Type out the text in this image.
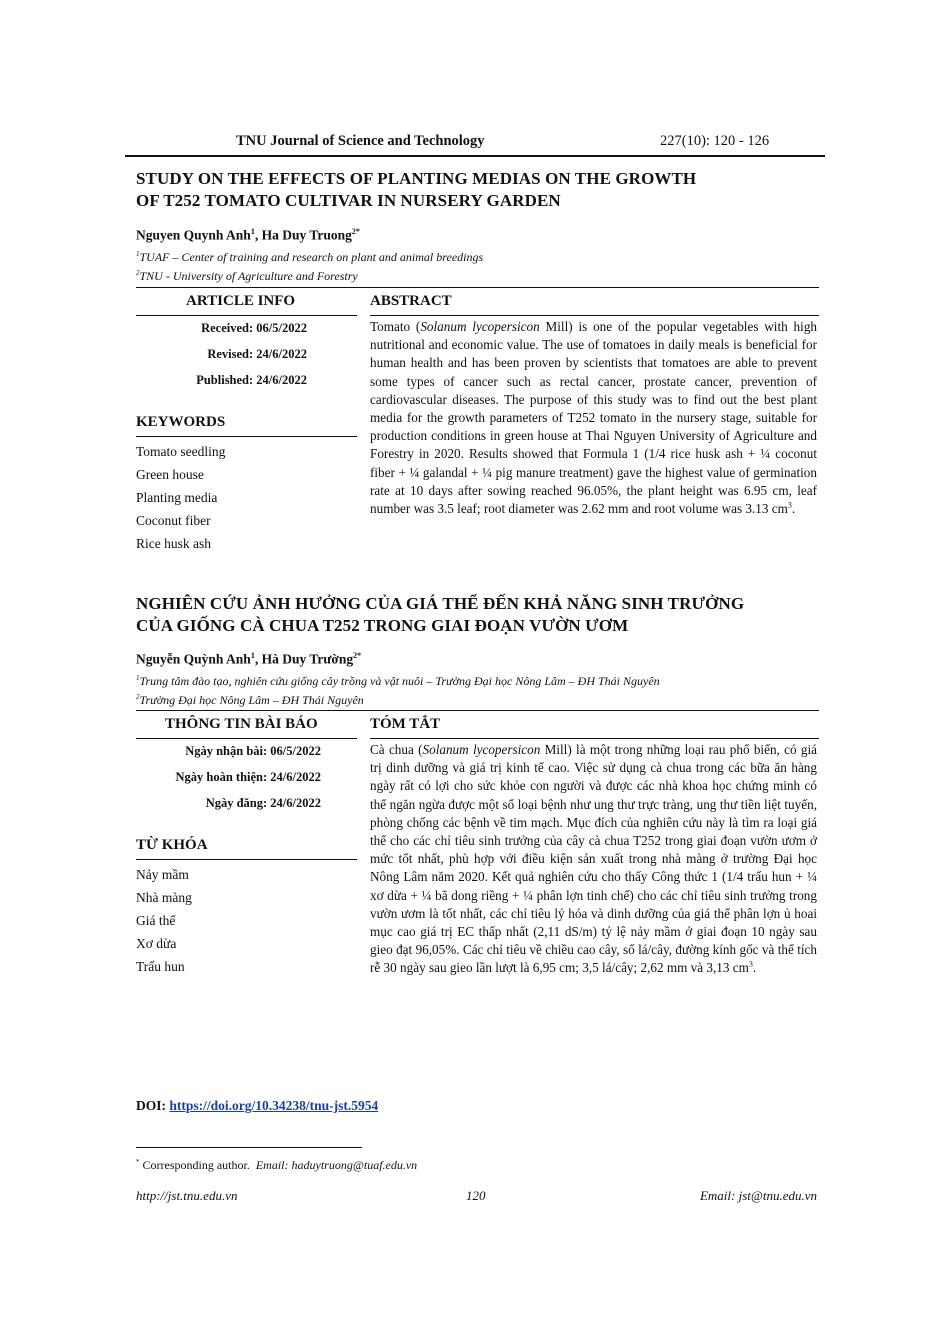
TNU Journal of Science and Technology	227(10): 120 - 126
STUDY ON THE EFFECTS OF PLANTING MEDIAS ON THE GROWTH
OF T252 TOMATO CULTIVAR IN NURSERY GARDEN
Nguyen Quynh Anh$^1$, Ha Duy Truong$^{2*}$
$^1$TUAF – Center of training and research on plant and animal breedings
$^2$TNU - University of Agriculture and Forestry
ARTICLE INFO	ABSTRACT
Received: 06/5/2022
Revised: 24/6/2022
Published: 24/6/2022
KEYWORDS
Tomato seedling
Green house
Planting media
Coconut fiber
Rice husk ash
Tomato (Solanum lycopersicon Mill) is one of the popular vegetables with high nutritional and economic value. The use of tomatoes in daily meals is beneficial for human health and has been proven by scientists that tomatoes are able to prevent some types of cancer such as rectal cancer, prostate cancer, prevention of cardiovascular diseases. The purpose of this study was to find out the best plant media for the growth parameters of T252 tomato in the nursery stage, suitable for production conditions in green house at Thai Nguyen University of Agriculture and Forestry in 2020. Results showed that Formula 1 (1/4 rice husk ash + ¼ coconut fiber + ¼ galandal + ¼ pig manure treatment) gave the highest value of germination rate at 10 days after sowing reached 96.05%, the plant height was 6.95 cm, leaf number was 3.5 leaf; root diameter was 2.62 mm and root volume was 3.13 $cm^3$.
NGHIÊN CỨU ẢNH HƯỞNG CỦA GIÁ THỂ ĐẾN KHẢ NĂNG SINH TRƯỞNG
CỦA GIỐNG CÀ CHUA T252 TRONG GIAI ĐOẠN VƯỜN ƯƠM
Nguyễn Quỳnh Anh$^1$, Hà Duy Trường$^{2*}$
$^1$Trung tâm đào tạo, nghiên cứu giống cây trồng và vật nuôi – Trường Đại học Nông Lâm – ĐH Thái Nguyên
$^2$Trường Đại học Nông Lâm – ĐH Thái Nguyên
THÔNG TIN BÀI BÁO	TÓM TẮT
Ngày nhận bài: 06/5/2022
Ngày hoàn thiện: 24/6/2022
Ngày đăng: 24/6/2022
TỪ KHÓA
Nảy mầm
Nhà màng
Giá thể
Xơ dừa
Trấu hun
Cà chua (Solanum lycopersicon Mill) là một trong những loại rau phổ biến, có giá trị dinh dưỡng và giá trị kinh tế cao. Việc sử dụng cà chua trong các bữa ăn hàng ngày rất có lợi cho sức khỏe con người và được các nhà khoa học chứng minh có thể ngăn ngừa được một số loại bệnh như ung thư trực tràng, ung thư tiền liệt tuyến, phòng chống các bệnh về tim mạch. Mục đích của nghiên cứu này là tìm ra loại giá thể cho các chỉ tiêu sinh trưởng của cây cà chua T252 trong giai đoạn vườn ươm ở mức tốt nhất, phù hợp với điều kiện sản xuất trong nhà màng ở trường Đại học Nông Lâm năm 2020. Kết quả nghiên cứu cho thấy Công thức 1 (1/4 trấu hun + ¼ xơ dừa + ¼ bã dong riềng + ¼ phân lợn tinh chế) cho các chỉ tiêu sinh trưởng trong vườn ươm là tốt nhất, các chỉ tiêu lý hóa và dinh dưỡng của giá thể phân lợn ủ hoai mục cao giá trị EC thấp nhất (2,11 dS/m) tỷ lệ nảy mầm ở giai đoạn 10 ngày sau gieo đạt 96,05%. Các chỉ tiêu về chiều cao cây, số lá/cây, đường kính gốc và thể tích rễ 30 ngày sau gieo lần lượt là 6,95 cm; 3,5 lá/cây; 2,62 mm và 3,13 $cm^3$.
DOI: https://doi.org/10.34238/tnu-jst.5954
* Corresponding author. Email: haduytruong@tuaf.edu.vn
http://jst.tnu.edu.vn	120	Email: jst@tnu.edu.vn
